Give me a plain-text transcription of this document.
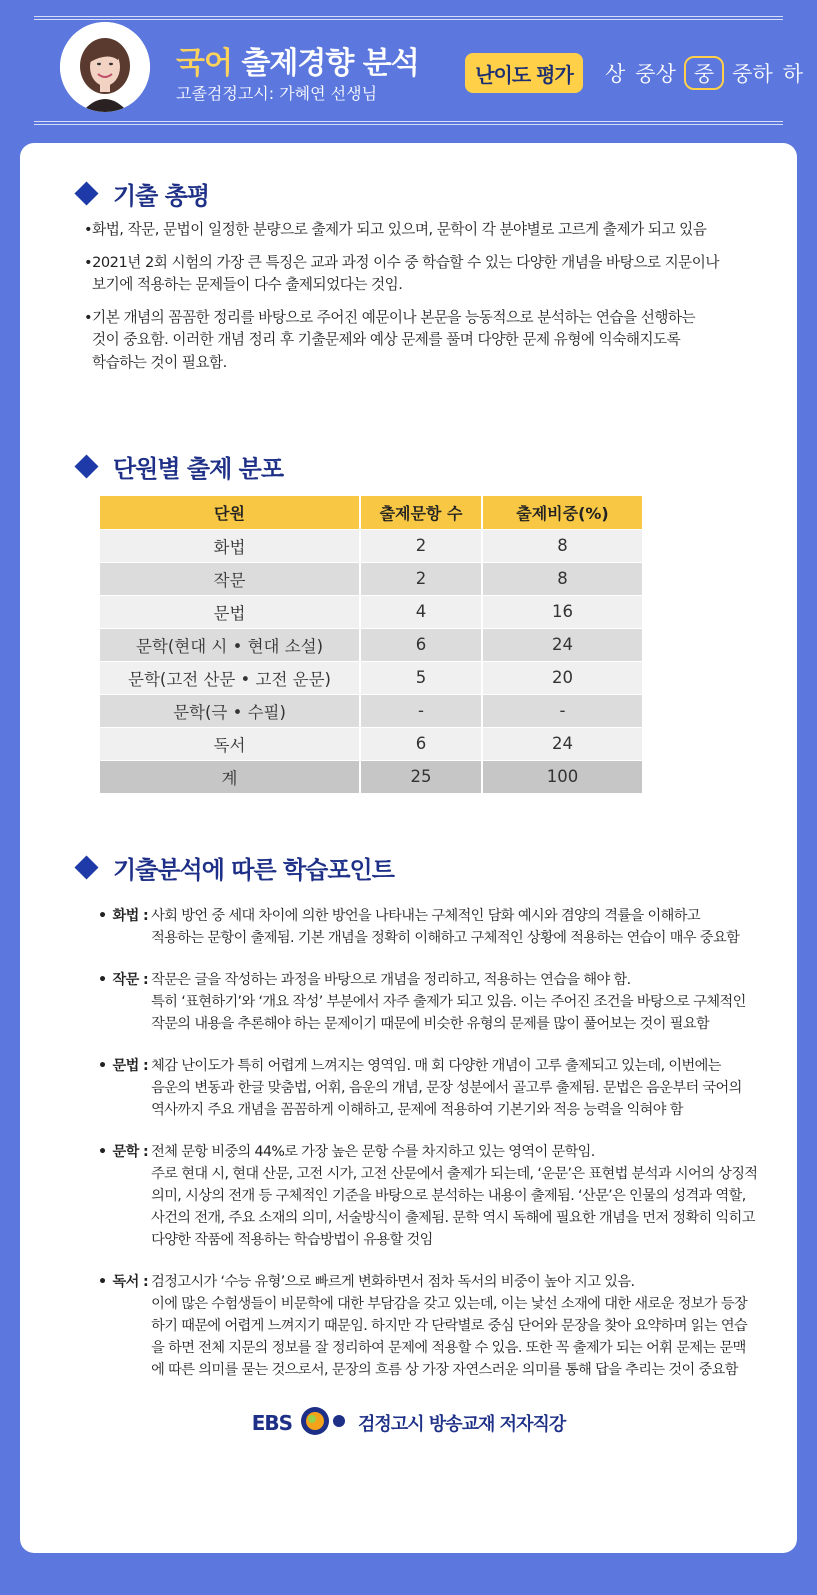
국어 출제경향 분석
고졸검정고시: 가혜연 선생님
난이도 평가	상 중상 중 중하 하
기출 총평

•화법, 작문, 문법이 일정한 분량으로 출제가 되고 있으며, 문학이 각 분야별로 고르게 출제가 되고 있음

•2021년 2회 시험의 가장 큰 특징은 교과 과정 이수 중 학습할 수 있는 다양한 개념을 바탕으로 지문이나

보기에 적용하는 문제들이 다수 출제되었다는 것임.

•기본 개념의 꼼꼼한 정리를 바탕으로 주어진 예문이나 본문을 능동적으로 분석하는 연습을 선행하는

것이 중요함. 이러한 개념 정리 후 기출문제와 예상 문제를 풀며 다양한 문제 유형에 익숙해지도록

학습하는 것이 필요함.

단원별 출제 분포
단원	출제문항 수	출제비중(%)
화법	2	8
작문	2	8
문법	4	16
문학(현대 시 • 현대 소설)	6	24
문학(고전 산문 • 고전 운문)	5	20
문학(극 • 수필)	-	-
독서	6	24
계	25	100
기출분석에 따른 학습포인트
• 화법 : 사회 방언 중 세대 차이에 의한 방언을 나타내는 구체적인 담화 예시와 겸양의 격률을 이해하고
적용하는 문항이 출제됨. 기본 개념을 정확히 이해하고 구체적인 상황에 적용하는 연습이 매우 중요함
• 작문 : 작문은 글을 작성하는 과정을 바탕으로 개념을 정리하고, 적용하는 연습을 해야 함.
특히 ‘표현하기’와 ‘개요 작성’ 부분에서 자주 출제가 되고 있음. 이는 주어진 조건을 바탕으로 구체적인
작문의 내용을 추론해야 하는 문제이기 때문에 비슷한 유형의 문제를 많이 풀어보는 것이 필요함
• 문법 : 체감 난이도가 특히 어렵게 느껴지는 영역임. 매 회 다양한 개념이 고루 출제되고 있는데, 이번에는
음운의 변동과 한글 맞춤법, 어휘, 음운의 개념, 문장 성분에서 골고루 출제됨. 문법은 음운부터 국어의
역사까지 주요 개념을 꼼꼼하게 이해하고, 문제에 적용하여 기본기와 적응 능력을 익혀야 함
• 문학 : 전체 문항 비중의 44%로 가장 높은 문항 수를 차지하고 있는 영역이 문학임.
주로 현대 시, 현대 산문, 고전 시가, 고전 산문에서 출제가 되는데, ‘운문’은 표현법 분석과 시어의 상징적
의미, 시상의 전개 등 구체적인 기준을 바탕으로 분석하는 내용이 출제됨. ‘산문’은 인물의 성격과 역할,
사건의 전개, 주요 소재의 의미, 서술방식이 출제됨. 문학 역시 독해에 필요한 개념을 먼저 정확히 익히고
다양한 작품에 적용하는 학습방법이 유용할 것임
• 독서 : 검정고시가 ‘수능 유형’으로 빠르게 변화하면서 점차 독서의 비중이 높아 지고 있음.
이에 많은 수험생들이 비문학에 대한 부담감을 갖고 있는데, 이는 낯선 소재에 대한 새로운 정보가 등장
하기 때문에 어렵게 느껴지기 때문임. 하지만 각 단락별로 중심 단어와 문장을 찾아 요약하며 읽는 연습
을 하면 전체 지문의 정보를 잘 정리하여 문제에 적용할 수 있음. 또한 꼭 출제가 되는 어휘 문제는 문맥
에 따른 의미를 묻는 것으로서, 문장의 흐름 상 가장 자연스러운 의미를 통해 답을 추리는 것이 중요함
EBS	검정고시 방송교재 저자직강
